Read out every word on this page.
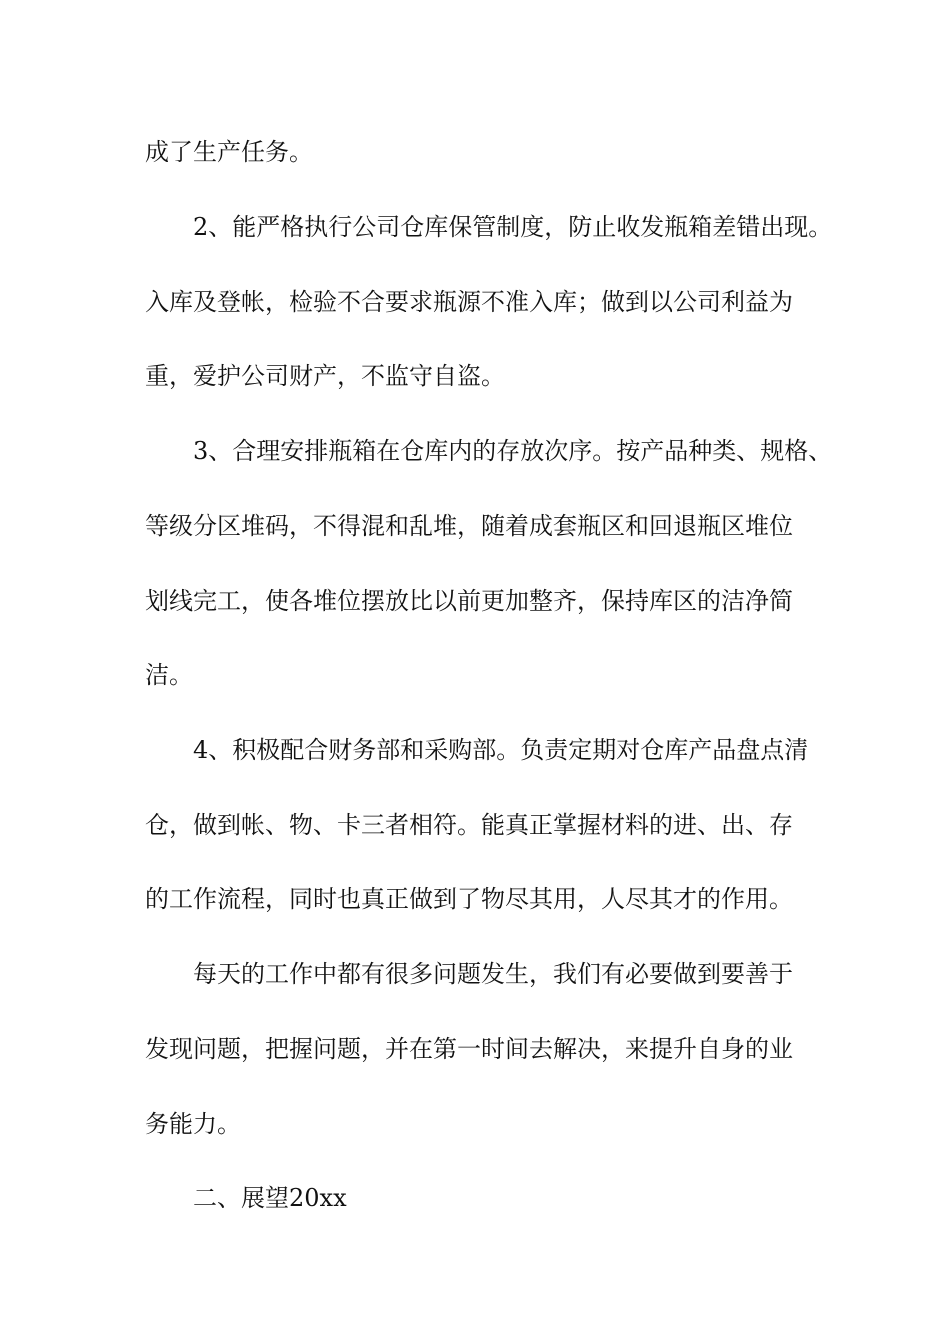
成了生产任务。
2、能严格执行公司仓库保管制度，防止收发瓶箱差错出现。
入库及登帐，检验不合要求瓶源不准入库；做到以公司利益为
重，爱护公司财产，不监守自盗。
3、合理安排瓶箱在仓库内的存放次序。按产品种类、规格、
等级分区堆码，不得混和乱堆，随着成套瓶区和回退瓶区堆位
划线完工，使各堆位摆放比以前更加整齐，保持库区的洁净简
洁。
4、积极配合财务部和采购部。负责定期对仓库产品盘点清
仓，做到帐、物、卡三者相符。能真正掌握材料的进、出、存
的工作流程，同时也真正做到了物尽其用，人尽其才的作用。
每天的工作中都有很多问题发生，我们有必要做到要善于
发现问题，把握问题，并在第一时间去解决，来提升自身的业
务能力。
二、展望20xx
